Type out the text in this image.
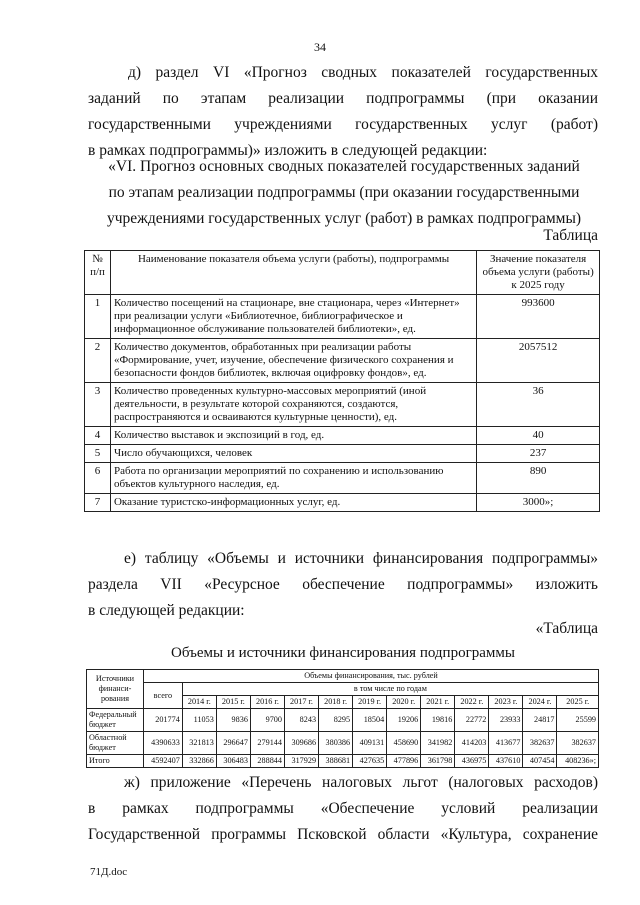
34
д) раздел VI «Прогноз сводных показателей государственных
заданий по этапам реализации подпрограммы (при оказании
государственными учреждениями государственных услуг (работ)
в рамках подпрограммы)» изложить в следующей редакции:
«VI. Прогноз основных сводных показателей государственных заданий
по этапам реализации подпрограммы (при оказании государственными
учреждениями государственных услуг (работ) в рамках подпрограммы)
Таблица
№ п/п	Наименование показателя объема услуги (работы), подпрограммы	Значение показателя объема услуги (работы) к 2025 году
1	Количество посещений на стационаре, вне стационара, через «Интернет» при реализации услуги «Библиотечное, библиографическое и информационное обслуживание пользователей библиотеки», ед.	993600
2	Количество документов, обработанных при реализации работы «Формирование, учет, изучение, обеспечение физического сохранения и безопасности фондов библиотек, включая оцифровку фондов», ед.	2057512
3	Количество проведенных культурно-массовых мероприятий (иной деятельности, в результате которой сохраняются, создаются, распространяются и осваиваются культурные ценности), ед.	36
4	Количество выставок и экспозиций в год, ед.	40
5	Число обучающихся, человек	237
6	Работа по организации мероприятий по сохранению и использованию объектов культурного наследия, ед.	890
7	Оказание туристско-информационных услуг, ед.	3000»;
е) таблицу «Объемы и источники финансирования подпрограммы»
раздела VII «Ресурсное обеспечение подпрограммы» изложить
в следующей редакции:
«Таблица
Объемы и источники финансирования подпрограммы
Источники финанси-рования	Объемы финансирования, тыс. рублей												
	всего	в том числе по годам											
		2014 г.	2015 г.	2016 г.	2017 г.	2018 г.	2019 г.	2020 г.	2021 г.	2022 г.	2023 г.	2024 г.	2025 г.
Федеральный бюджет	201774	11053	9836	9700	8243	8295	18504	19206	19816	22772	23933	24817	25599
Областной бюджет	4390633	321813	296647	279144	309686	380386	409131	458690	341982	414203	413677	382637	382637
Итого	4592407	332866	306483	288844	317929	388681	427635	477896	361798	436975	437610	407454	408236»;
ж) приложение «Перечень налоговых льгот (налоговых расходов)
в рамках подпрограммы «Обеспечение условий реализации
Государственной программы Псковской области «Культура, сохранение
71Д.doc
